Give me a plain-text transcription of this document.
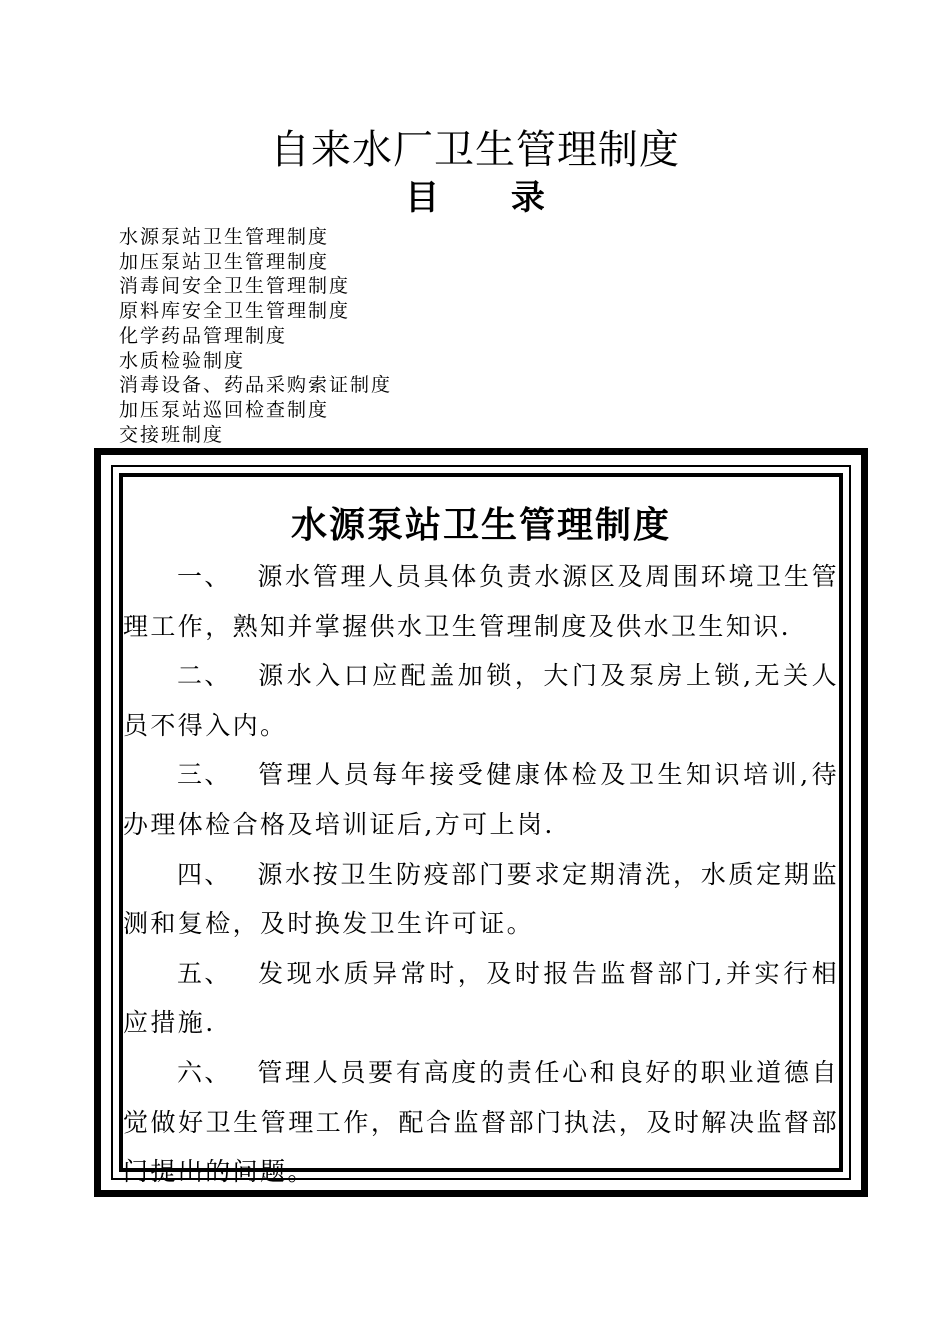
自来水厂卫生管理制度
目 录
水源泵站卫生管理制度
加压泵站卫生管理制度
消毒间安全卫生管理制度
原料库安全卫生管理制度
化学药品管理制度
水质检验制度
消毒设备、药品采购索证制度
加压泵站巡回检查制度
交接班制度
水源泵站卫生管理制度
一、 源水管理人员具体负责水源区及周围环境卫生管理工作，熟知并掌握供水卫生管理制度及供水卫生知识.
二、 源水入口应配盖加锁，大门及泵房上锁,无关人员不得入内。
三、 管理人员每年接受健康体检及卫生知识培训,待办理体检合格及培训证后,方可上岗.
四、 源水按卫生防疫部门要求定期清洗，水质定期监测和复检，及时换发卫生许可证。
五、 发现水质异常时，及时报告监督部门,并实行相应措施.
六、 管理人员要有高度的责任心和良好的职业道德自觉做好卫生管理工作，配合监督部门执法，及时解决监督部门提出的问题。
